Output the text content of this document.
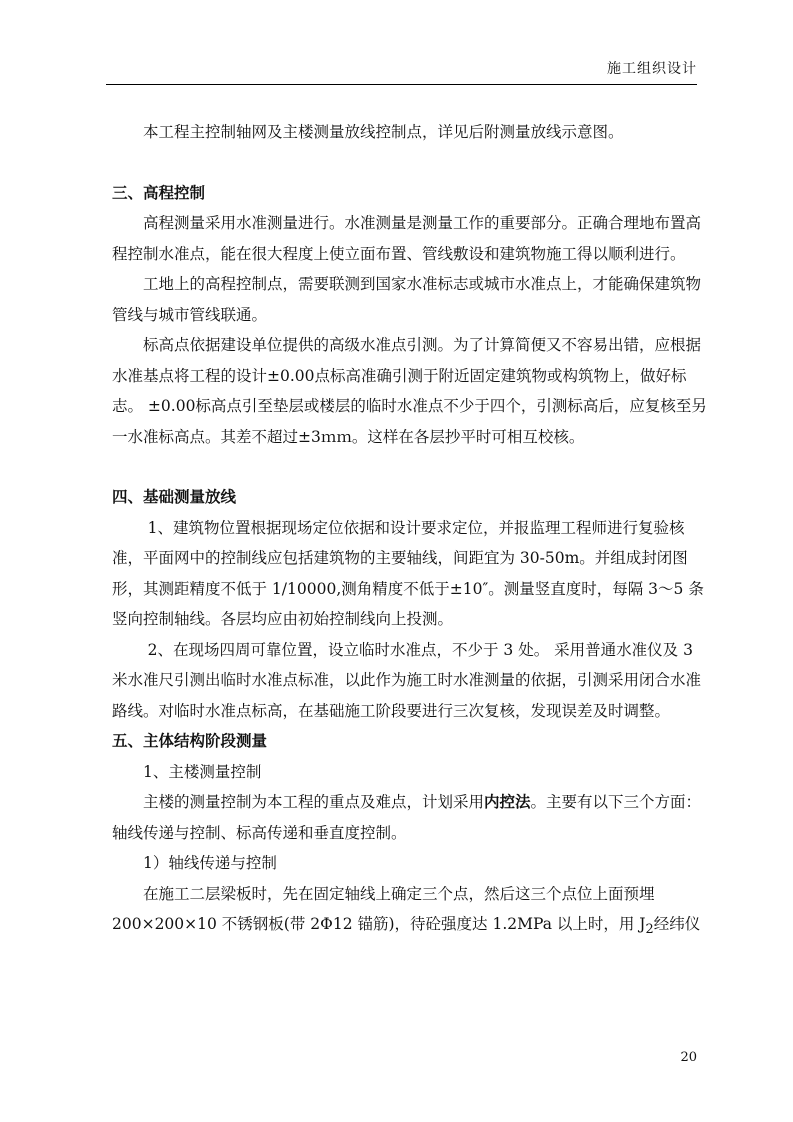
施工组织设计

本工程主控制轴网及主楼测量放线控制点，详见后附测量放线示意图。

三、高程控制

高程测量采用水准测量进行。水准测量是测量工作的重要部分。正确合理地布置高程控制水准点，能在很大程度上使立面布置、管线敷设和建筑物施工得以顺利进行。

工地上的高程控制点，需要联测到国家水准标志或城市水准点上，才能确保建筑物管线与城市管线联通。

标高点依据建设单位提供的高级水准点引测。为了计算简便又不容易出错，应根据水准基点将工程的设计±0.00点标高准确引测于附近固定建筑物或构筑物上，做好标志。 ±0.00标高点引至垫层或楼层的临时水准点不少于四个，引测标高后，应复核至另一水准标高点。其差不超过±3ｍｍ。这样在各层抄平时可相互校核。

四、基础测量放线

1、建筑物位置根据现场定位依据和设计要求定位，并报监理工程师进行复验核准，平面网中的控制线应包括建筑物的主要轴线，间距宜为 30-50m。并组成封闭图形，其测距精度不低于 1/10000,测角精度不低于±10″。测量竖直度时，每隔 3～5 条竖向控制轴线。各层均应由初始控制线向上投测。

2、在现场四周可靠位置，设立临时水准点，不少于 3 处。 采用普通水准仪及 3 米水准尺引测出临时水准点标准，以此作为施工时水准测量的依据，引测采用闭合水准路线。对临时水准点标高，在基础施工阶段要进行三次复核，发现误差及时调整。

五、主体结构阶段测量

1、主楼测量控制

主楼的测量控制为本工程的重点及难点，计划采用内控法。主要有以下三个方面：轴线传递与控制、标高传递和垂直度控制。

1）轴线传递与控制

在施工二层梁板时，先在固定轴线上确定三个点，然后这三个点位上面预埋200×200×10 不锈钢板(带 2Φ12 锚筋)，待砼强度达 1.2MPa 以上时，用 $J_2$经纬仪

20
